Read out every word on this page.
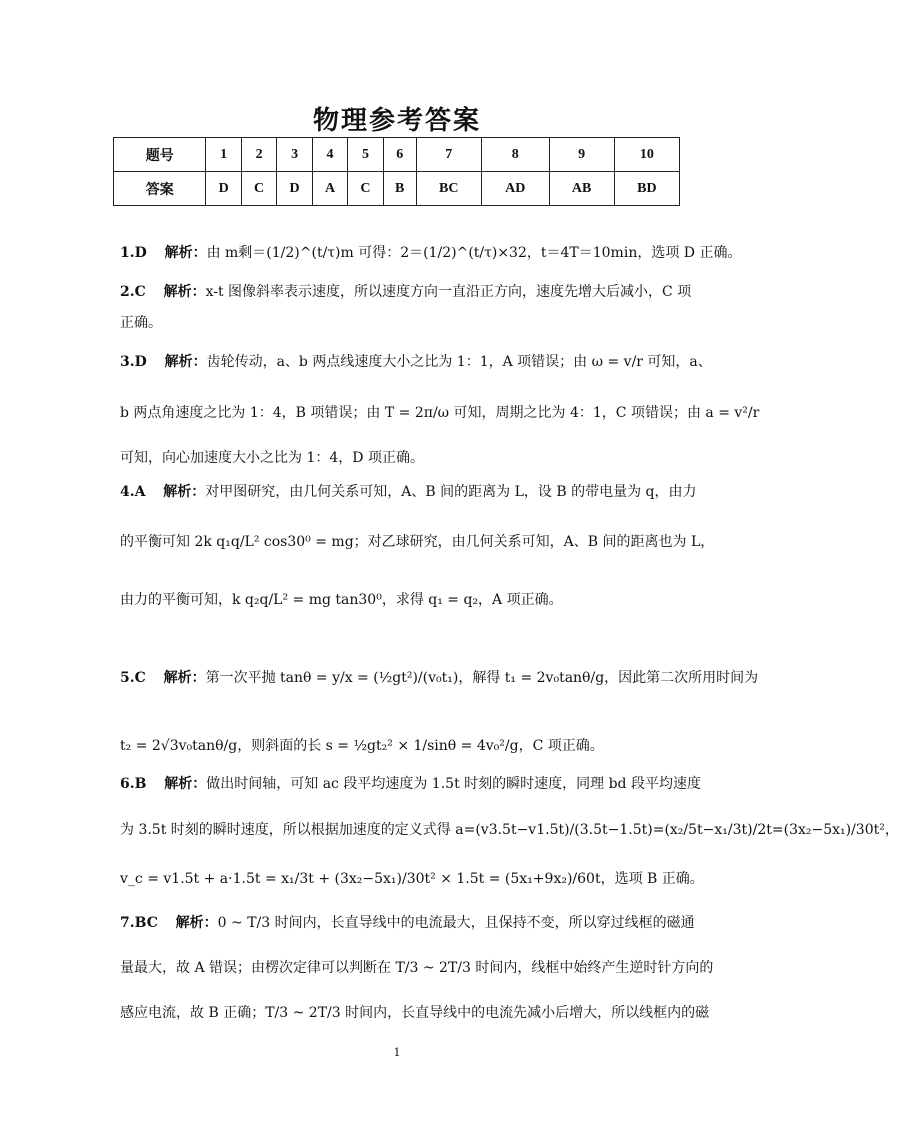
物理参考答案
题号	1	2	3	4	5	6	7	8	9	10
答案	D	C	D	A	C	B	BC	AD	AB	BD
1.D 解析：由 m剩＝(1/2)^(t/τ)m 可得：2＝(1/2)^(t/τ)×32，t＝4T＝10min，选项 D 正确。
2.C 解析：x-t 图像斜率表示速度，所以速度方向一直沿正方向，速度先增大后减小，C 项
正确。
3.D 解析：齿轮传动，a、b 两点线速度大小之比为 1：1，A 项错误；由 ω = v/r 可知，a、
b 两点角速度之比为 1：4，B 项错误；由 T = 2π/ω 可知，周期之比为 4：1，C 项错误；由 a = v²/r
可知，向心加速度大小之比为 1：4，D 项正确。
4.A 解析：对甲图研究，由几何关系可知，A、B 间的距离为 L，设 B 的带电量为 q，由力
的平衡可知 2k q₁q/L² cos30⁰ = mg；对乙球研究，由几何关系可知，A、B 间的距离也为 L，
由力的平衡可知，k q₂q/L² = mg tan30⁰，求得 q₁ = q₂，A 项正确。
5.C 解析：第一次平抛 tanθ = y/x = (½gt²)/(v₀t₁)，解得 t₁ = 2v₀tanθ/g，因此第二次所用时间为
t₂ = 2√3v₀tanθ/g，则斜面的长 s = ½gt₂² × 1/sinθ = 4v₀²/g，C 项正确。
6.B 解析：做出时间轴，可知 ac 段平均速度为 1.5t 时刻的瞬时速度，同理 bd 段平均速度
为 3.5t 时刻的瞬时速度，所以根据加速度的定义式得 a=(v3.5t−v1.5t)/(3.5t−1.5t)=(x₂/5t−x₁/3t)/2t=(3x₂−5x₁)/30t²，
v_c = v1.5t + a·1.5t = x₁/3t + (3x₂−5x₁)/30t² × 1.5t = (5x₁+9x₂)/60t，选项 B 正确。
7.BC 解析：0 ~ T/3 时间内，长直导线中的电流最大，且保持不变，所以穿过线框的磁通
量最大，故 A 错误；由楞次定律可以判断在 T/3 ~ 2T/3 时间内，线框中始终产生逆时针方向的
感应电流，故 B 正确；T/3 ~ 2T/3 时间内，长直导线中的电流先减小后增大，所以线框内的磁
1
